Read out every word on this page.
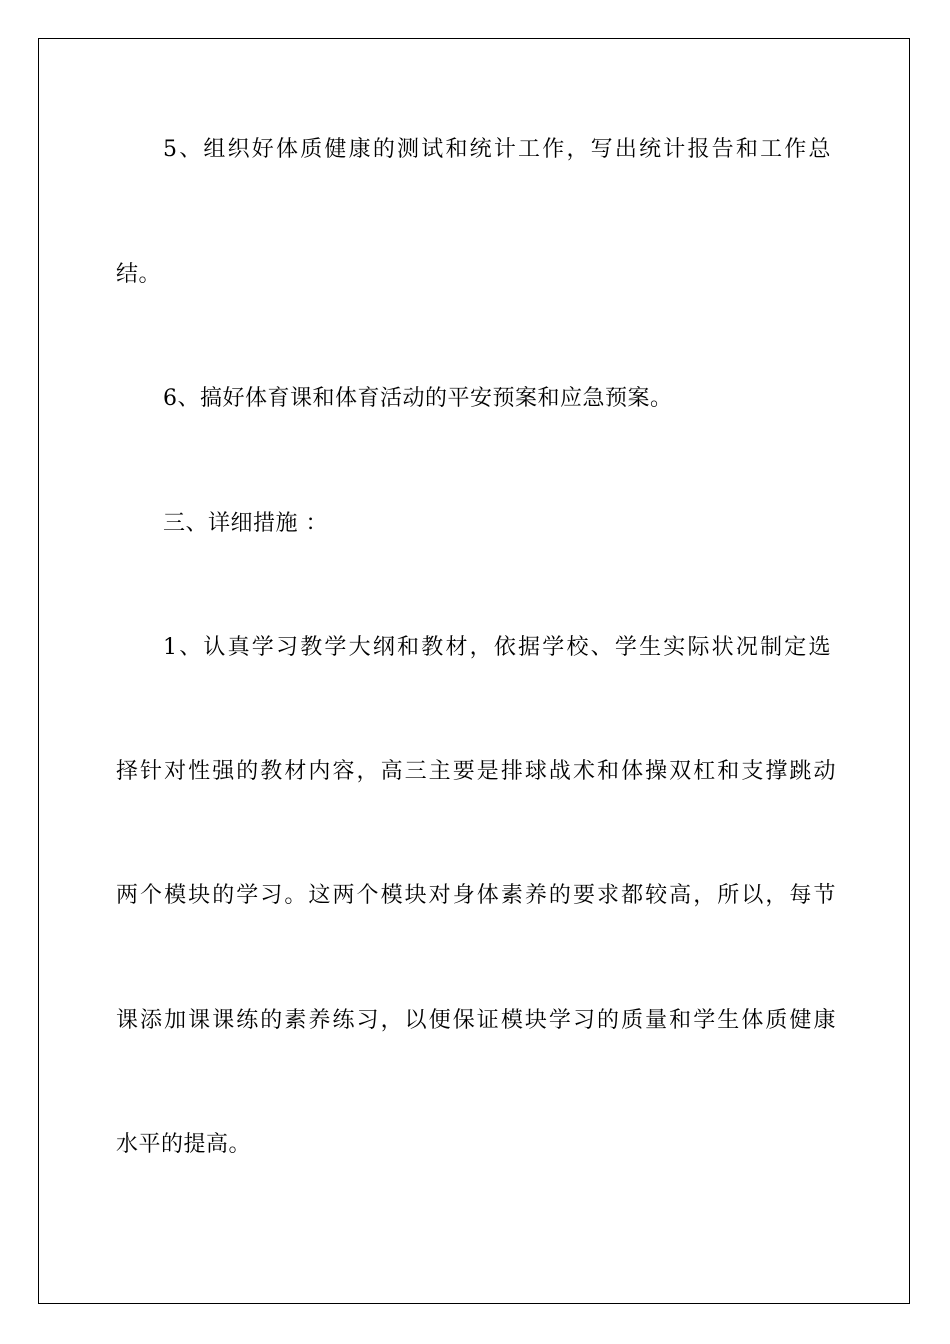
5、组织好体质健康的测试和统计工作，写出统计报告和工作总
结。
6、搞好体育课和体育活动的平安预案和应急预案。
三、详细措施 ：
1、认真学习教学大纲和教材，依据学校、学生实际状况制定选
择针对性强的教材内容，高三主要是排球战术和体操双杠和支撑跳动
两个模块的学习。这两个模块对身体素养的要求都较高，所以，每节
课添加课课练的素养练习，以便保证模块学习的质量和学生体质健康
水平的提高。
